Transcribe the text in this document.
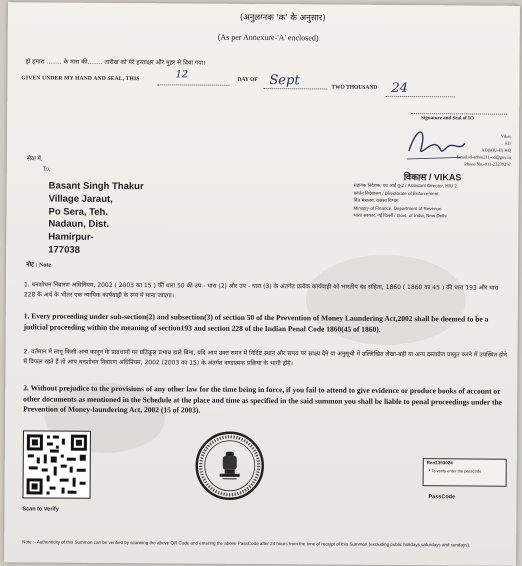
(अनुलग्नक 'क' के अनुसार)
(As per Annexure-'A' enclosed)
हो हमारा ........ के मास की........ तारीख को मेरे हस्ताक्षर और मुहर से दिया गया।
GIVEN UNDER MY HAND AND SEAL, THIS	12	DAY OF Sept	TWO THOUSAND 24
Signature and Seal of IO
Vikas
AD
AD(HIU-II) HQ
Email id-adhiu211-ed@gov.in
Phone No.-011-23239257
सेवा में,
To,
Basant Singh Thakur
Village Jaraut,
Po Sera, Teh.
Nadaun, Dist.
Hamirpur-
177038
विकास / VIKAS
सहायक निदेशक, एच आई यू-2 / Assistant Director, HIU 2
प्रवर्तन निदेशालय / Directorate of Enforcement
वित्त मंत्रालय, राजस्व विभाग
Ministry of Finance, Department of Revenue
भारत सरकार, नई दिल्ली / Govt. of India, New Delhi
नोट : Note
1. धनशोधन निवारण अधिनियम, 2002 ( 2003 का 15 ) की धारा 50 की उप - धारा (2) और उप - धारा (3) के अंतर्गत प्रत्येक कार्यवाही को भारतीय दंड संहिता, 1860 ( 1860 का 45 ) की धारा 193 और धारा 228 के अर्थ के भीतर एक न्यायिक कार्यवाही के रूप में माना जाएगा।
1. Every proceeding under sub-section(2) and subsection(3) of section 50 of the Prevention of Money Laundering Act,2002 shall be deemed to be a judicial proceeding within the meaning of section193 and section 228 of the Indian Penal Code 1860(45 of 1860).
2. वर्तमान में लागू किसी अन्य कानून के प्रावधानों पर प्रतिकूल प्रभाव डाले बिना, यदि आप उक्त समन में निर्दिष्ट स्थान और समय पर साक्ष्य देने या अनुसूची में उल्लिखित लेखा-बही या अन्य दस्तावेज प्रस्तुत करने में उपस्थित होने में विफल रहते हैं तो आप धनशोधन निवारण अधिनियम, 2002 (2003 का 15) के अंतर्गत दण्डात्मक प्रक्रिया के भागी होंगे।
2. Without prejudice to the provisions of any other law for the time being in force, if you fail to attend to give evidence or produce books of account or other documents as mentioned in the Schedule at the place and time as specified in the said summon you shall be liable to penal proceedings under the Prevention of Money-laundering Act, 2002 (15 of 2003).
Scan to Verify
Ren1393024
* To verify enter the passcode
PassCode
Note :- Authenticity of this Summon can be verified by scanning the above QR Code and entering the above PassCode after 24 hours from the time of receipt of this Summon (excluding public holidays,saturdays and sundays).
